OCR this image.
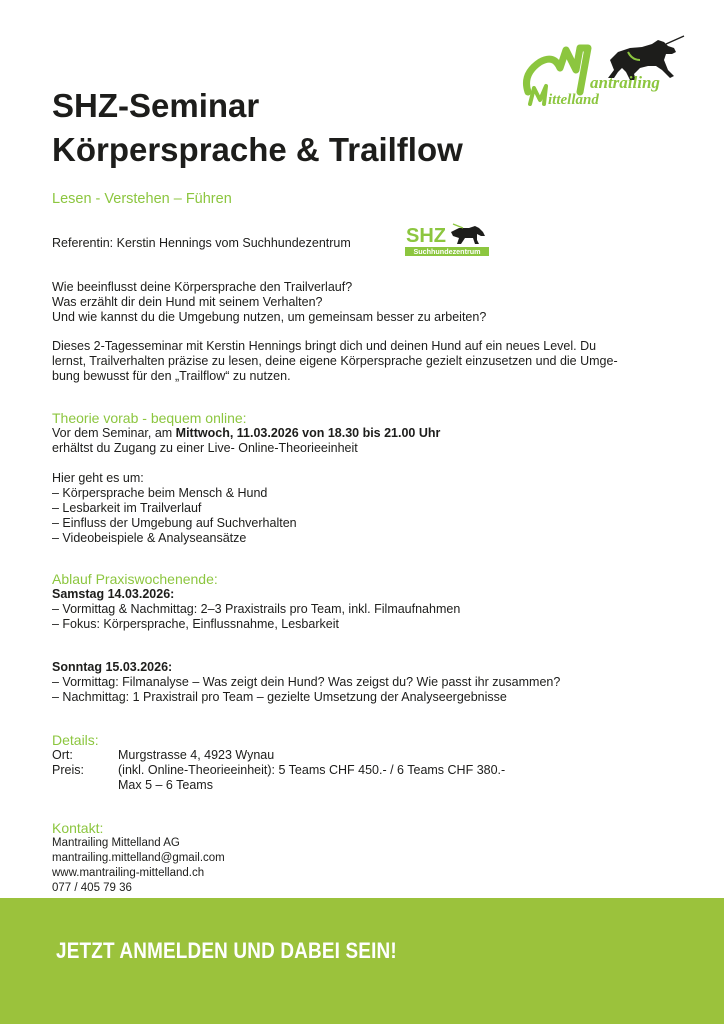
antrailing
ittelland
SHZ-Seminar
Körpersprache & Trailflow
Lesen - Verstehen – Führen
Referentin: Kerstin Hennings vom Suchhundezentrum	SHZ
Suchhundezentrum
Wie beeinflusst deine Körpersprache den Trailverlauf?
Was erzählt dir dein Hund mit seinem Verhalten?
Und wie kannst du die Umgebung nutzen, um gemeinsam besser zu arbeiten?
Dieses 2-Tagesseminar mit Kerstin Hennings bringt dich und deinen Hund auf ein neues Level. Du
lernst, Trailverhalten präzise zu lesen, deine eigene Körpersprache gezielt einzusetzen und die Umge-
bung bewusst für den „Trailflow“ zu nutzen.
Theorie vorab - bequem online:
Vor dem Seminar, am Mittwoch, 11.03.2026 von 18.30 bis 21.00 Uhr
erhältst du Zugang zu einer Live- Online-Theorieeinheit
Hier geht es um:
– Körpersprache beim Mensch & Hund
– Lesbarkeit im Trailverlauf
– Einfluss der Umgebung auf Suchverhalten
– Videobeispiele & Analyseansätze
Ablauf Praxiswochenende:
Samstag 14.03.2026:
– Vormittag & Nachmittag: 2–3 Praxistrails pro Team, inkl. Filmaufnahmen
– Fokus: Körpersprache, Einflussnahme, Lesbarkeit
Sonntag 15.03.2026:
– Vormittag: Filmanalyse – Was zeigt dein Hund? Was zeigst du? Wie passt ihr zusammen?
– Nachmittag: 1 Praxistrail pro Team – gezielte Umsetzung der Analyseergebnisse
Details:
Ort:	Murgstrasse 4, 4923 Wynau
Preis:	(inkl. Online-Theorieeinheit): 5 Teams CHF 450.- / 6 Teams CHF 380.-
Max 5 – 6 Teams
Kontakt:
Mantrailing Mittelland AG
mantrailing.mittelland@gmail.com
www.mantrailing-mittelland.ch
077 / 405 79 36
JETZT ANMELDEN UND DABEI SEIN!
